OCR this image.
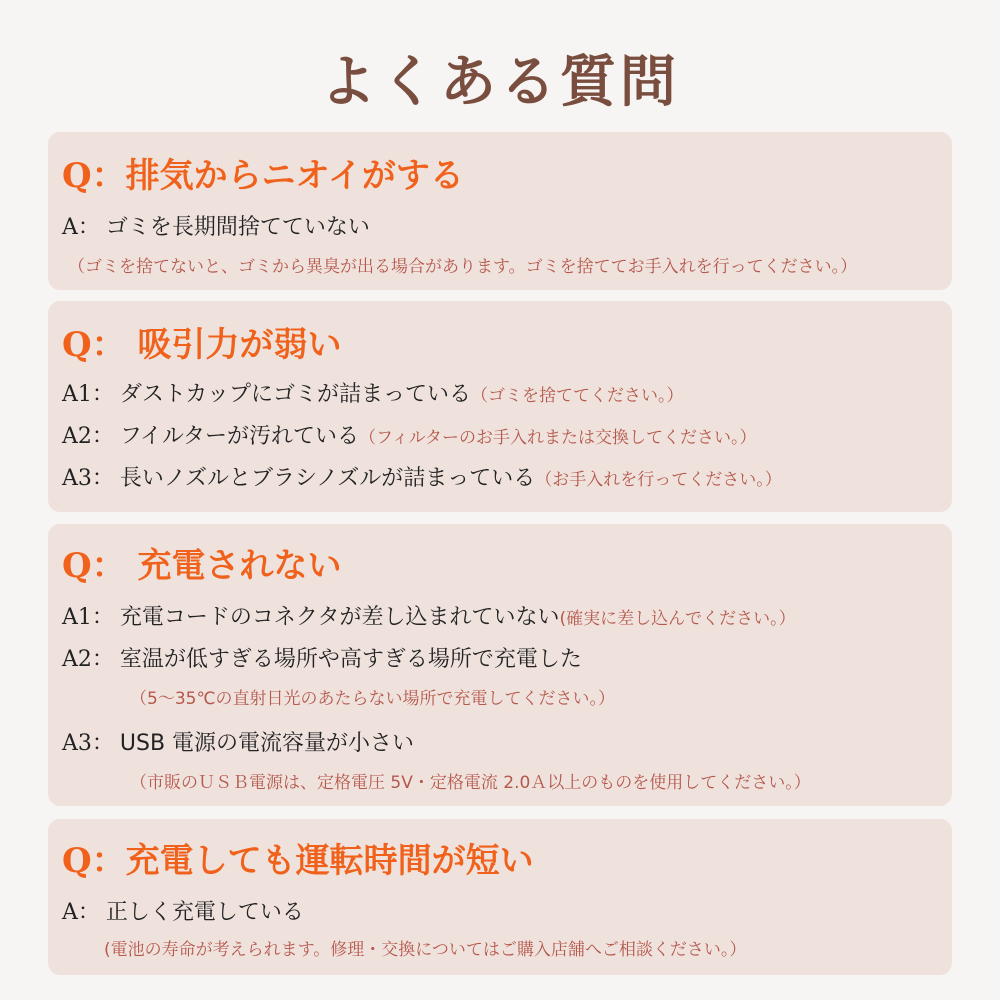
よくある質問
Q：排気からニオイがする
A： ゴミを長期間捨てていない
（ゴミを捨てないと、ゴミから異臭が出る場合があります。ゴミを捨ててお手入れを行ってください。）
Q： 吸引力が弱い
A1： ダストカップにゴミが詰まっている（ゴミを捨ててください。）
A2： フイルターが汚れている（フィルターのお手入れまたは交換してください。）
A3： 長いノズルとブラシノズルが詰まっている（お手入れを行ってください。）
Q： 充電されない
A1： 充電コードのコネクタが差し込まれていない(確実に差し込んでください。）
A2： 室温が低すぎる場所や高すぎる場所で充電した
（5～35℃の直射日光のあたらない場所で充電してください。）
A3： USB 電源の電流容量が小さい
（市販のＵＳＢ電源は、定格電圧 5V・定格電流 2.0Ａ以上のものを使用してください。）
Q：充電しても運転時間が短い
A： 正しく充電している
(電池の寿命が考えられます。修理・交換についてはご購入店舗へご相談ください。）
